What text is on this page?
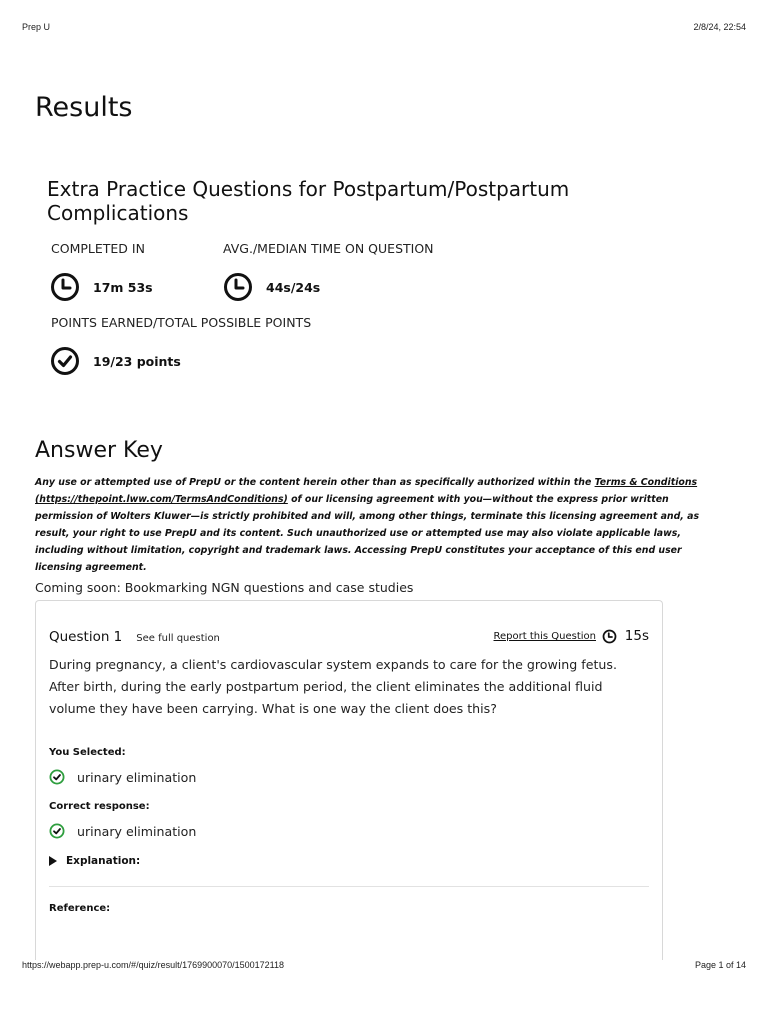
Prep U	2/8/24, 22:54
Results
Extra Practice Questions for Postpartum/Postpartum Complications
COMPLETED IN	AVG./MEDIAN TIME ON QUESTION
17m 53s	44s/24s
POINTS EARNED/TOTAL POSSIBLE POINTS
19/23 points
Answer Key

Any use or attempted use of PrepU or the content herein other than as specifically authorized within the Terms & Conditions (https://thepoint.lww.com/TermsAndConditions) of our licensing agreement with you—without the express prior written permission of Wolters Kluwer—is strictly prohibited and will, among other things, terminate this licensing agreement and, as result, your right to use PrepU and its content. Such unauthorized use or attempted use may also violate applicable laws, including without limitation, copyright and trademark laws. Accessing PrepU constitutes your acceptance of this end user licensing agreement.

Coming soon: Bookmarking NGN questions and case studies
Question 1 See full question	Report this Question 15s

During pregnancy, a client's cardiovascular system expands to care for the growing fetus. After birth, during the early postpartum period, the client eliminates the additional fluid volume they have been carrying. What is one way the client does this?

You Selected:
urinary elimination
Correct response:
urinary elimination
Explanation:
Reference:
https://webapp.prep-u.com/#/quiz/result/1769900070/1500172118	Page 1 of 14
